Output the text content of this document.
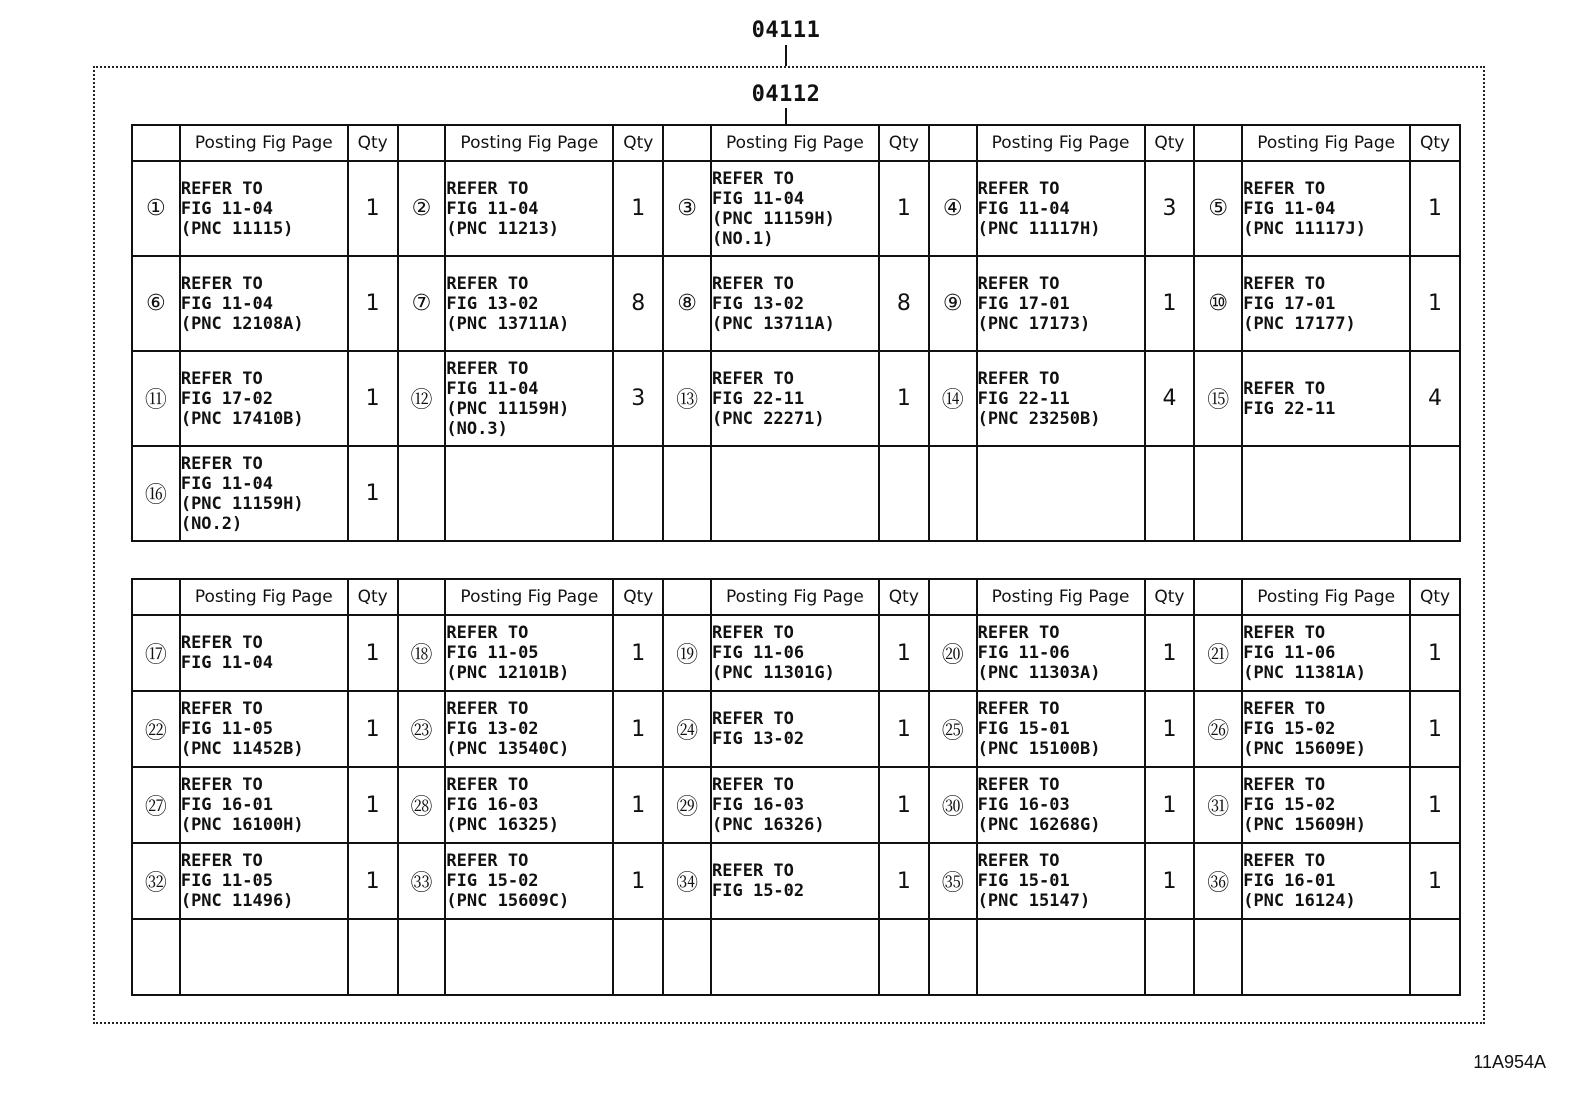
04111
04112
	Posting Fig Page	Qty		Posting Fig Page	Qty		Posting Fig Page	Qty		Posting Fig Page	Qty		Posting Fig Page	Qty
①	REFER TO
FIG 11-04
(PNC 11115)	1	②	REFER TO
FIG 11-04
(PNC 11213)	1	③	REFER TO
FIG 11-04
(PNC 11159H)
(NO.1)	1	④	REFER TO
FIG 11-04
(PNC 11117H)	3	⑤	REFER TO
FIG 11-04
(PNC 11117J)	1
⑥	REFER TO
FIG 11-04
(PNC 12108A)	1	⑦	REFER TO
FIG 13-02
(PNC 13711A)	8	⑧	REFER TO
FIG 13-02
(PNC 13711A)	8	⑨	REFER TO
FIG 17-01
(PNC 17173)	1	⑩	REFER TO
FIG 17-01
(PNC 17177)	1
⑪	REFER TO
FIG 17-02
(PNC 17410B)	1	⑫	REFER TO
FIG 11-04
(PNC 11159H)
(NO.3)	3	⑬	REFER TO
FIG 22-11
(PNC 22271)	1	⑭	REFER TO
FIG 22-11
(PNC 23250B)	4	⑮	REFER TO
FIG 22-11	4
⑯	REFER TO
FIG 11-04
(PNC 11159H)
(NO.2)	1												
	Posting Fig Page	Qty		Posting Fig Page	Qty		Posting Fig Page	Qty		Posting Fig Page	Qty		Posting Fig Page	Qty
⑰	REFER TO
FIG 11-04	1	⑱	REFER TO
FIG 11-05
(PNC 12101B)	1	⑲	REFER TO
FIG 11-06
(PNC 11301G)	1	⑳	REFER TO
FIG 11-06
(PNC 11303A)	1	㉑	REFER TO
FIG 11-06
(PNC 11381A)	1
㉒	REFER TO
FIG 11-05
(PNC 11452B)	1	㉓	REFER TO
FIG 13-02
(PNC 13540C)	1	㉔	REFER TO
FIG 13-02	1	㉕	REFER TO
FIG 15-01
(PNC 15100B)	1	㉖	REFER TO
FIG 15-02
(PNC 15609E)	1
㉗	REFER TO
FIG 16-01
(PNC 16100H)	1	㉘	REFER TO
FIG 16-03
(PNC 16325)	1	㉙	REFER TO
FIG 16-03
(PNC 16326)	1	㉚	REFER TO
FIG 16-03
(PNC 16268G)	1	㉛	REFER TO
FIG 15-02
(PNC 15609H)	1
㉜	REFER TO
FIG 11-05
(PNC 11496)	1	㉝	REFER TO
FIG 15-02
(PNC 15609C)	1	㉞	REFER TO
FIG 15-02	1	㉟	REFER TO
FIG 15-01
(PNC 15147)	1	㊱	REFER TO
FIG 16-01
(PNC 16124)	1

11A954A
